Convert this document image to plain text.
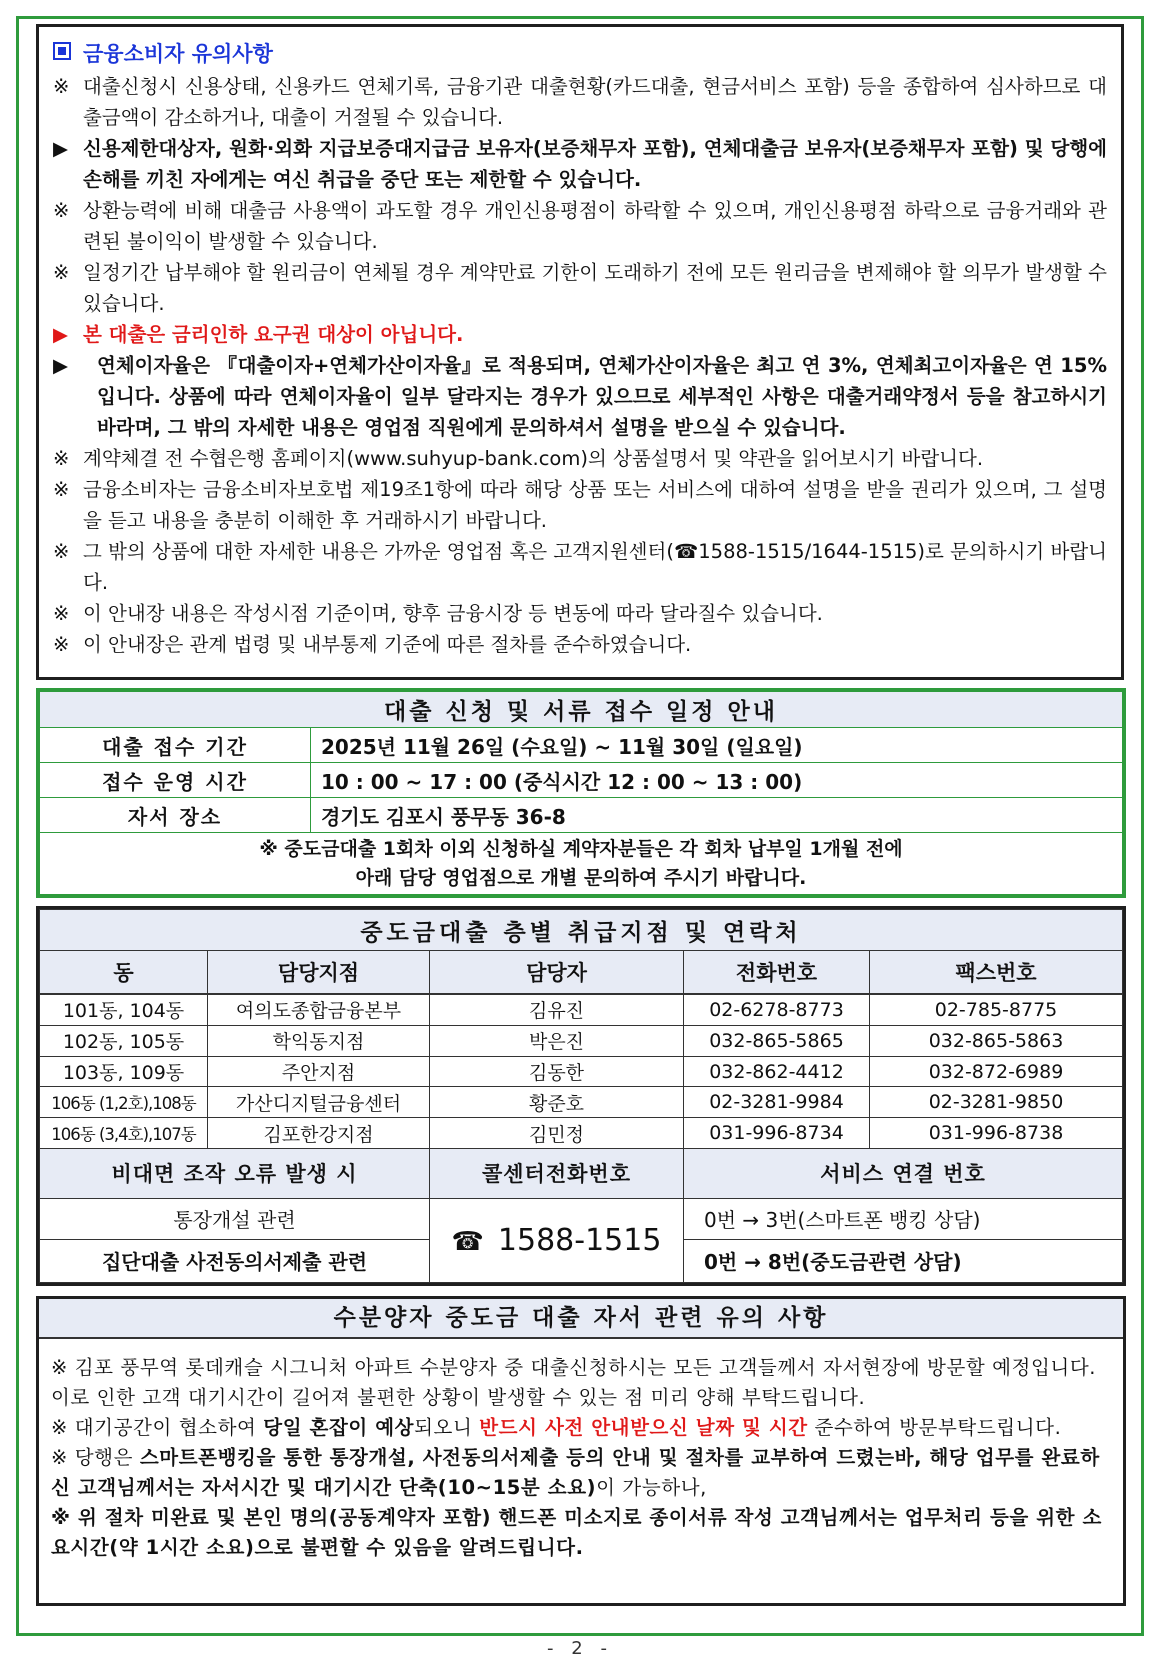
금융소비자 유의사항
※ 대출신청시 신용상태, 신용카드 연체기록, 금융기관 대출현황(카드대출, 현금서비스 포함) 등을 종합하여 심사하므로 대출금액이 감소하거나, 대출이 거절될 수 있습니다.
▶ 신용제한대상자, 원화·외화 지급보증대지급금 보유자(보증채무자 포함), 연체대출금 보유자(보증채무자 포함) 및 당행에 손해를 끼친 자에게는 여신 취급을 중단 또는 제한할 수 있습니다.
※ 상환능력에 비해 대출금 사용액이 과도할 경우 개인신용평점이 하락할 수 있으며, 개인신용평점 하락으로 금융거래와 관련된 불이익이 발생할 수 있습니다.
※ 일정기간 납부해야 할 원리금이 연체될 경우 계약만료 기한이 도래하기 전에 모든 원리금을 변제해야 할 의무가 발생할 수 있습니다.
▶ 본 대출은 금리인하 요구권 대상이 아닙니다.
▶	연체이자율은 『대출이자+연체가산이자율』로 적용되며, 연체가산이자율은 최고 연 3%, 연체최고이자율은 연 15%입니다. 상품에 따라 연체이자율이 일부 달라지는 경우가 있으므로 세부적인 사항은 대출거래약정서 등을 참고하시기 바라며, 그 밖의 자세한 내용은 영업점 직원에게 문의하셔서 설명을 받으실 수 있습니다.
※ 계약체결 전 수협은행 홈페이지(www.suhyup-bank.com)의 상품설명서 및 약관을 읽어보시기 바랍니다.
※ 금융소비자는 금융소비자보호법 제19조1항에 따라 해당 상품 또는 서비스에 대하여 설명을 받을 권리가 있으며, 그 설명을 듣고 내용을 충분히 이해한 후 거래하시기 바랍니다.
※ 그 밖의 상품에 대한 자세한 내용은 가까운 영업점 혹은 고객지원센터(☎1588-1515/1644-1515)로 문의하시기 바랍니다.
※ 이 안내장 내용은 작성시점 기준이며, 향후 금융시장 등 변동에 따라 달라질수 있습니다.
※ 이 안내장은 관계 법령 및 내부통제 기준에 따른 절차를 준수하였습니다.
대출 신청 및 서류 접수 일정 안내	
대출 접수 기간	2025년 11월 26일 (수요일) ~ 11월 30일 (일요일)
접수 운영 시간	10 : 00 ~ 17 : 00 (중식시간 12 : 00 ~ 13 : 00)
자서 장소	경기도 김포시 풍무동 36-8

※ 중도금대출 1회차 이외 신청하실 계약자분들은 각 회차 납부일 1개월 전에
아래 담당 영업점으로 개별 문의하여 주시기 바랍니다.	
중도금대출 층별 취급지점 및 연락처				
동	담당지점	담당자	전화번호	팩스번호
101동, 104동	여의도종합금융본부	김유진	02-6278-8773	02-785-8775
102동, 105동	학익동지점	박은진	032-865-5865	032-865-5863
103동, 109동	주안지점	김동한	032-862-4412	032-872-6989
106동 (1,2호),108동	가산디지털금융센터	황준호	02-3281-9984	02-3281-9850
106동 (3,4호),107동	김포한강지점	김민정	031-996-8734	031-996-8738
비대면 조작 오류 발생 시		콜센터전화번호	서비스 연결 번호	
통장개설 관련		☎ 1588-1515	0번 → 3번(스마트폰 뱅킹 상담)	
집단대출 사전동의서제출 관련			0번 → 8번(중도금관련 상담)	
수분양자 중도금 대출 자서 관련 유의 사항
※ 김포 풍무역 롯데캐슬 시그니처 아파트 수분양자 중 대출신청하시는 모든 고객들께서 자서현장에 방문할 예정입니다. 이로 인한 고객 대기시간이 길어져 불편한 상황이 발생할 수 있는 점 미리 양해 부탁드립니다.
※ 대기공간이 협소하여 당일 혼잡이 예상되오니 반드시 사전 안내받으신 날짜 및 시간 준수하여 방문부탁드립니다.
※ 당행은 스마트폰뱅킹을 통한 통장개설, 사전동의서제출 등의 안내 및 절차를 교부하여 드렸는바, 해당 업무를 완료하신 고객님께서는 자서시간 및 대기시간 단축(10~15분 소요)이 가능하나,
※ 위 절차 미완료 및 본인 명의(공동계약자 포함) 핸드폰 미소지로 종이서류 작성 고객님께서는 업무처리 등을 위한 소요시간(약 1시간 소요)으로 불편할 수 있음을 알려드립니다.
- 2 -
